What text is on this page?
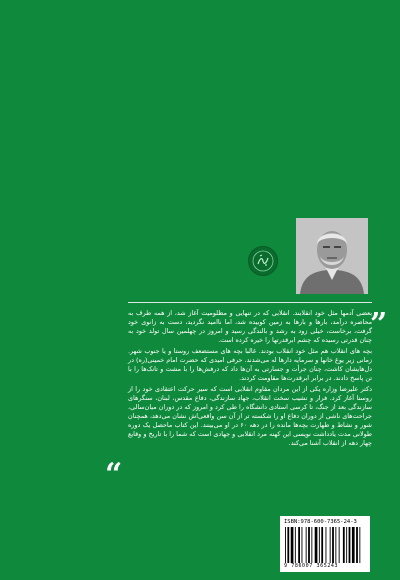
”

بعضی آدمها مثل خود انقلابند. انقلابی که در تنهایی و مظلومیت آغاز شد، از همه طرف به محاصره درآمد، بارها و بارها به زمین کوبیده شد، اما ناامید نگردید، دست به زانوی خود گرفت، برخاست، خیلی زود به رشد و بالندگی رسید و امروز در چهلمین سال تولد خود به چنان قدرتی رسیده که چشم ابرقدرتها را خیره کرده است.

بچه های انقلاب هم مثل خود انقلاب بودند. غالبا بچه های مستضعف روستا و یا جنوب شهر. زمانی زیر یوغ خانها و سرمایه دارها له می‌شدند. حرفی امیدی که حضرت امام خمینی(ره) در دل‌هایشان کاشت، چنان جرأت و جسارتی به آن‌ها داد که درفش‌ها را با مشت و تانک‌ها را با تن پاسخ دادند. در برابر ابرقدرت‌ها مقاومت کردند.

دکتر علیرضا وزاره یکی از این مردان مقاوم انقلابی است که سیر حرکت اعتقادی خود را از روستا آغاز کرد. فرار و نشیب سخت انقلاب، جهاد سازندگی، دفاع مقدس، لبنان، سنگرهای سازندگی بعد از جنگ، تا کرسی استادی دانشگاه را طی کرد و امروز که در دوران میان‌سالی، جراحت‌های ناشی از دوران دفاع او را شکسته تر از آن سن واقعی‌اش نشان می‌دهد، همچنان شور و نشاط و طهارت بچه‌ها مانده را در دهه ۶۰ در او می‌بینند. این کتاب ماحصل یک دوره طولانی مدت یادداشت نویسی این کهنه مرد انقلابی و جهادی است که شما را با تاریخ و وقایع چهار دهه از انقلاب آشنا می‌کند.

“
ISBN:978-600-7365-24-3
9 786007 365243
